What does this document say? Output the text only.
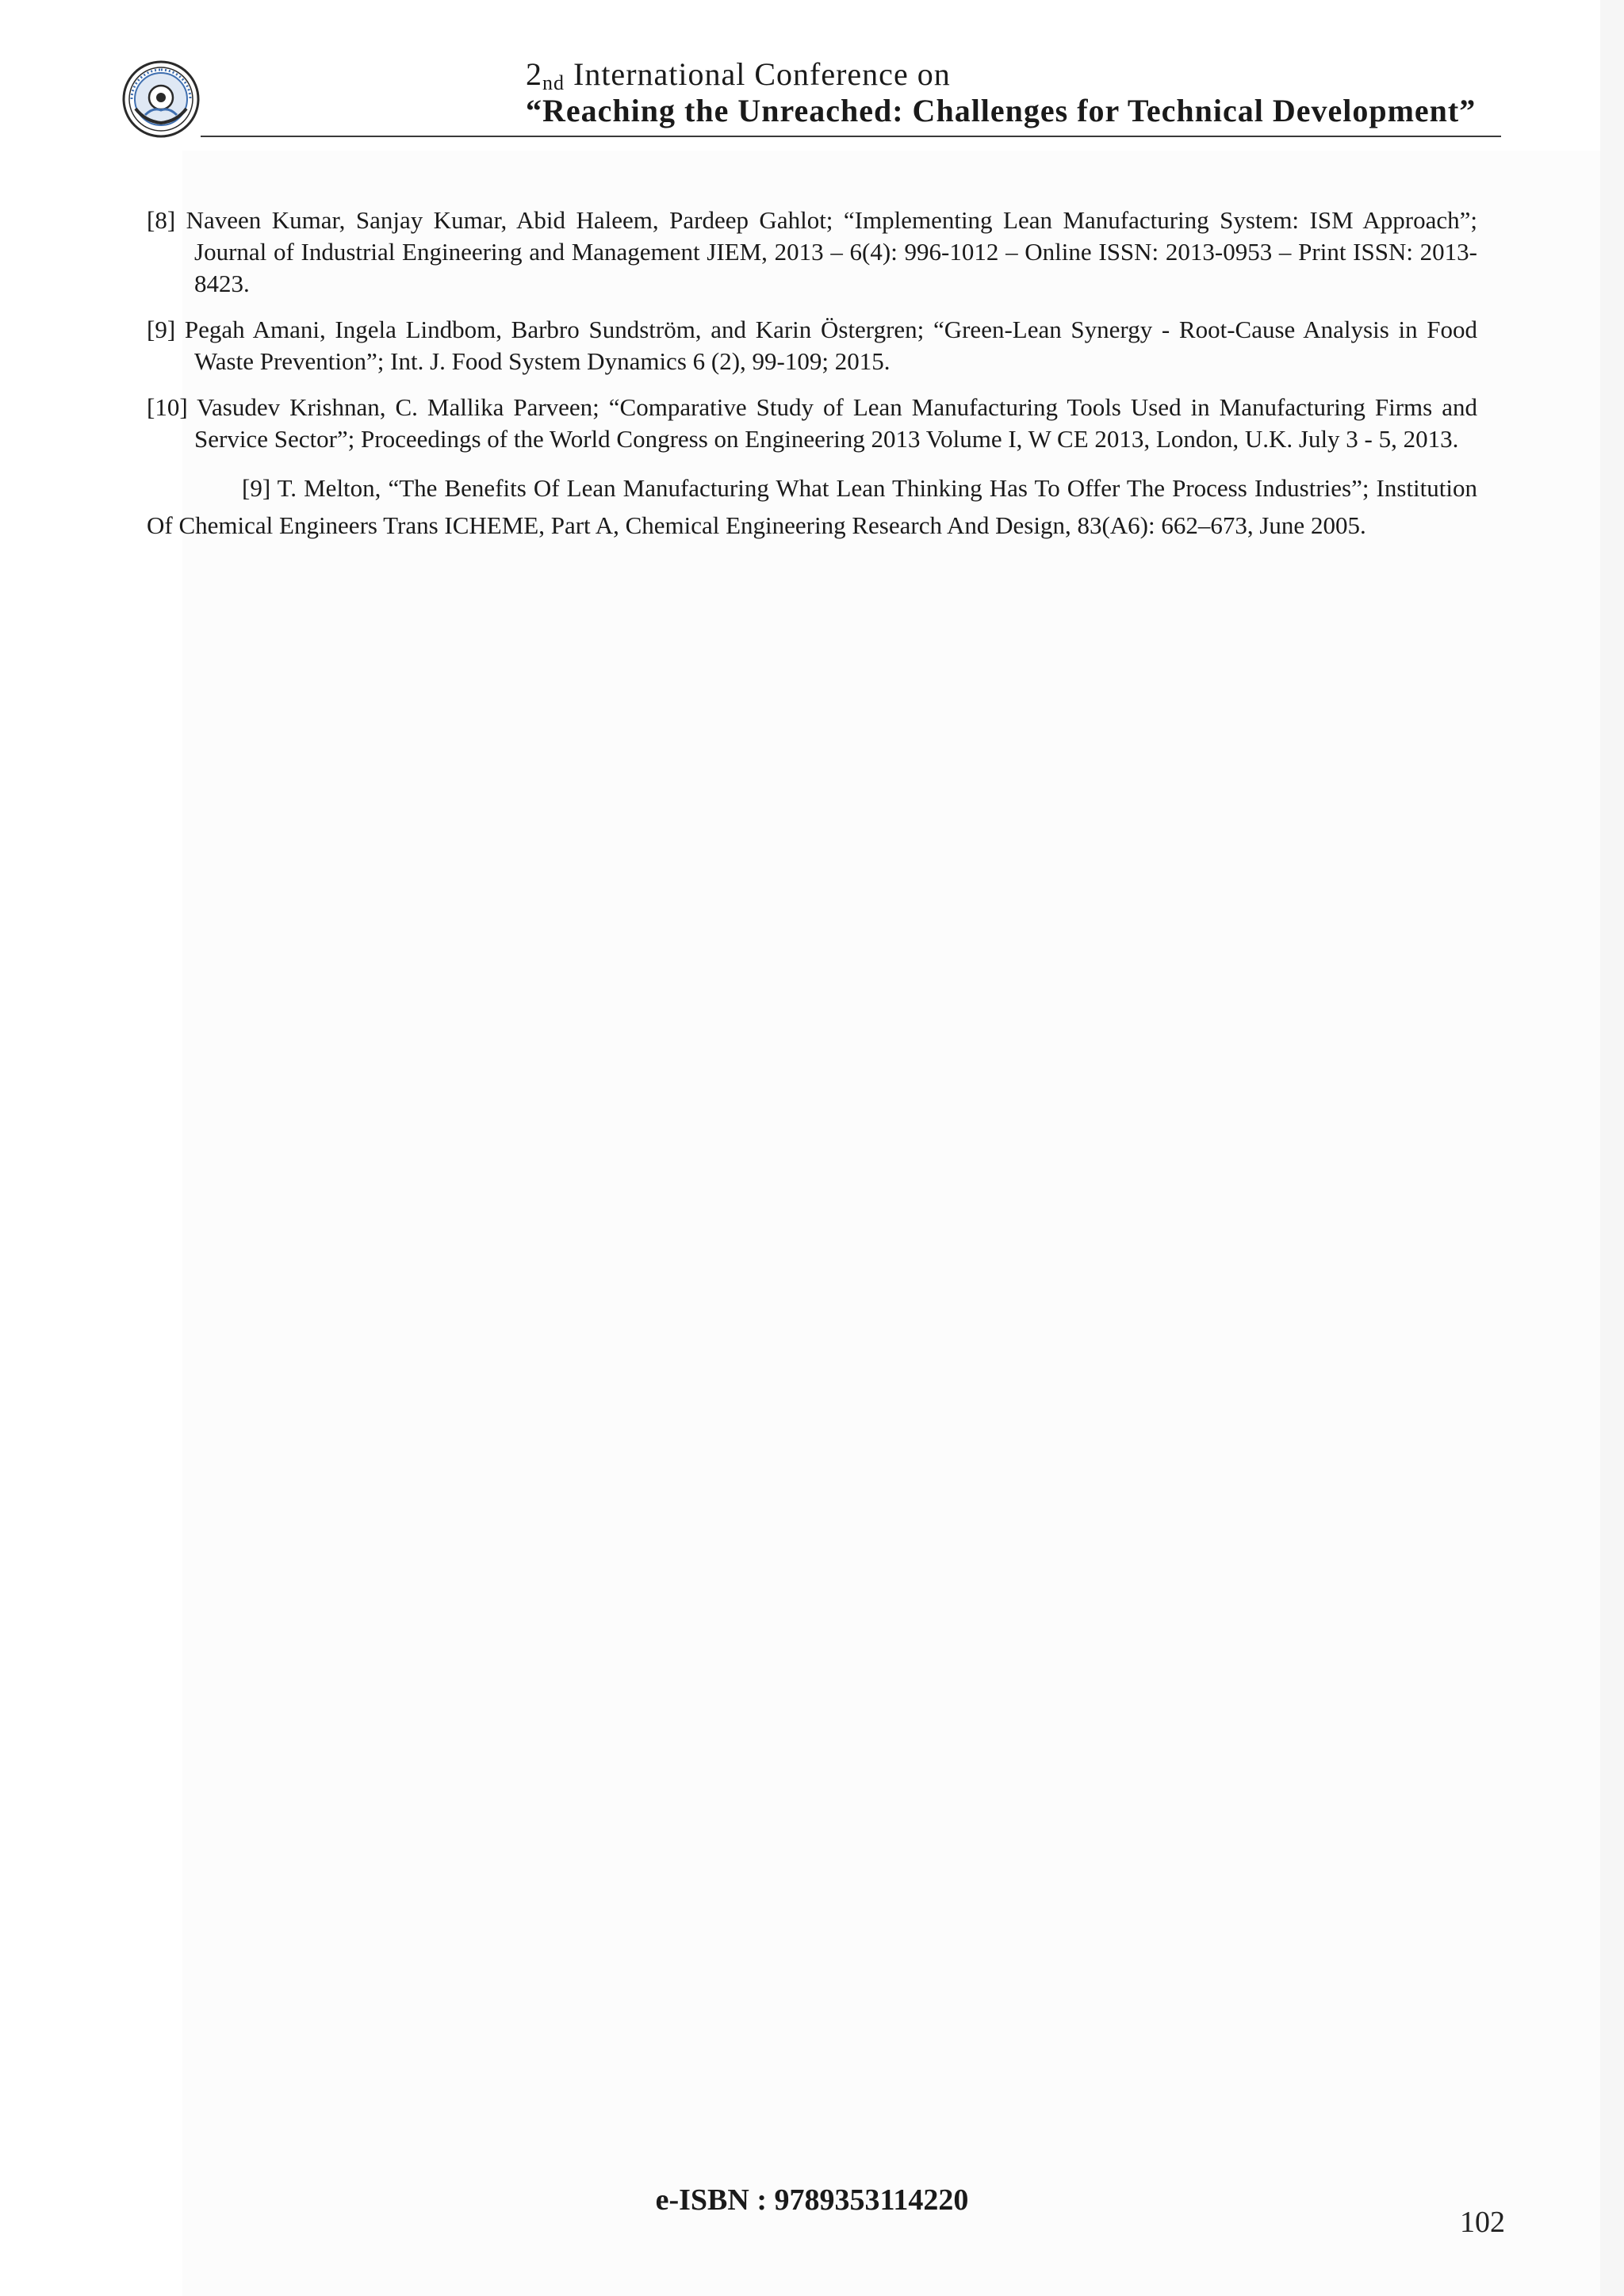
$2_{nd}$ International Conference on
“Reaching the Unreached: Challenges for Technical Development”

[8] Naveen Kumar, Sanjay Kumar, Abid Haleem, Pardeep Gahlot; “Implementing Lean Manufacturing System: ISM Approach”; Journal of Industrial Engineering and Management JIEM, 2013 – 6(4): 996-1012 – Online ISSN: 2013-0953 – Print ISSN: 2013-8423.

[9] Pegah Amani, Ingela Lindbom, Barbro Sundström, and Karin Östergren; “Green-Lean Synergy - Root-Cause Analysis in Food Waste Prevention”; Int. J. Food System Dynamics 6 (2), 99-109; 2015.

[10] Vasudev Krishnan, C. Mallika Parveen; “Comparative Study of Lean Manufacturing Tools Used in Manufacturing Firms and Service Sector”; Proceedings of the World Congress on Engineering 2013 Volume I, W CE 2013, London, U.K. July 3 - 5, 2013.

[9] T. Melton, “The Benefits Of Lean Manufacturing What Lean Thinking Has To Offer The Process Industries”; Institution Of Chemical Engineers Trans ICHEME, Part A, Chemical Engineering Research And Design, 83(A6): 662–673, June 2005.

e-ISBN : 9789353114220
102
